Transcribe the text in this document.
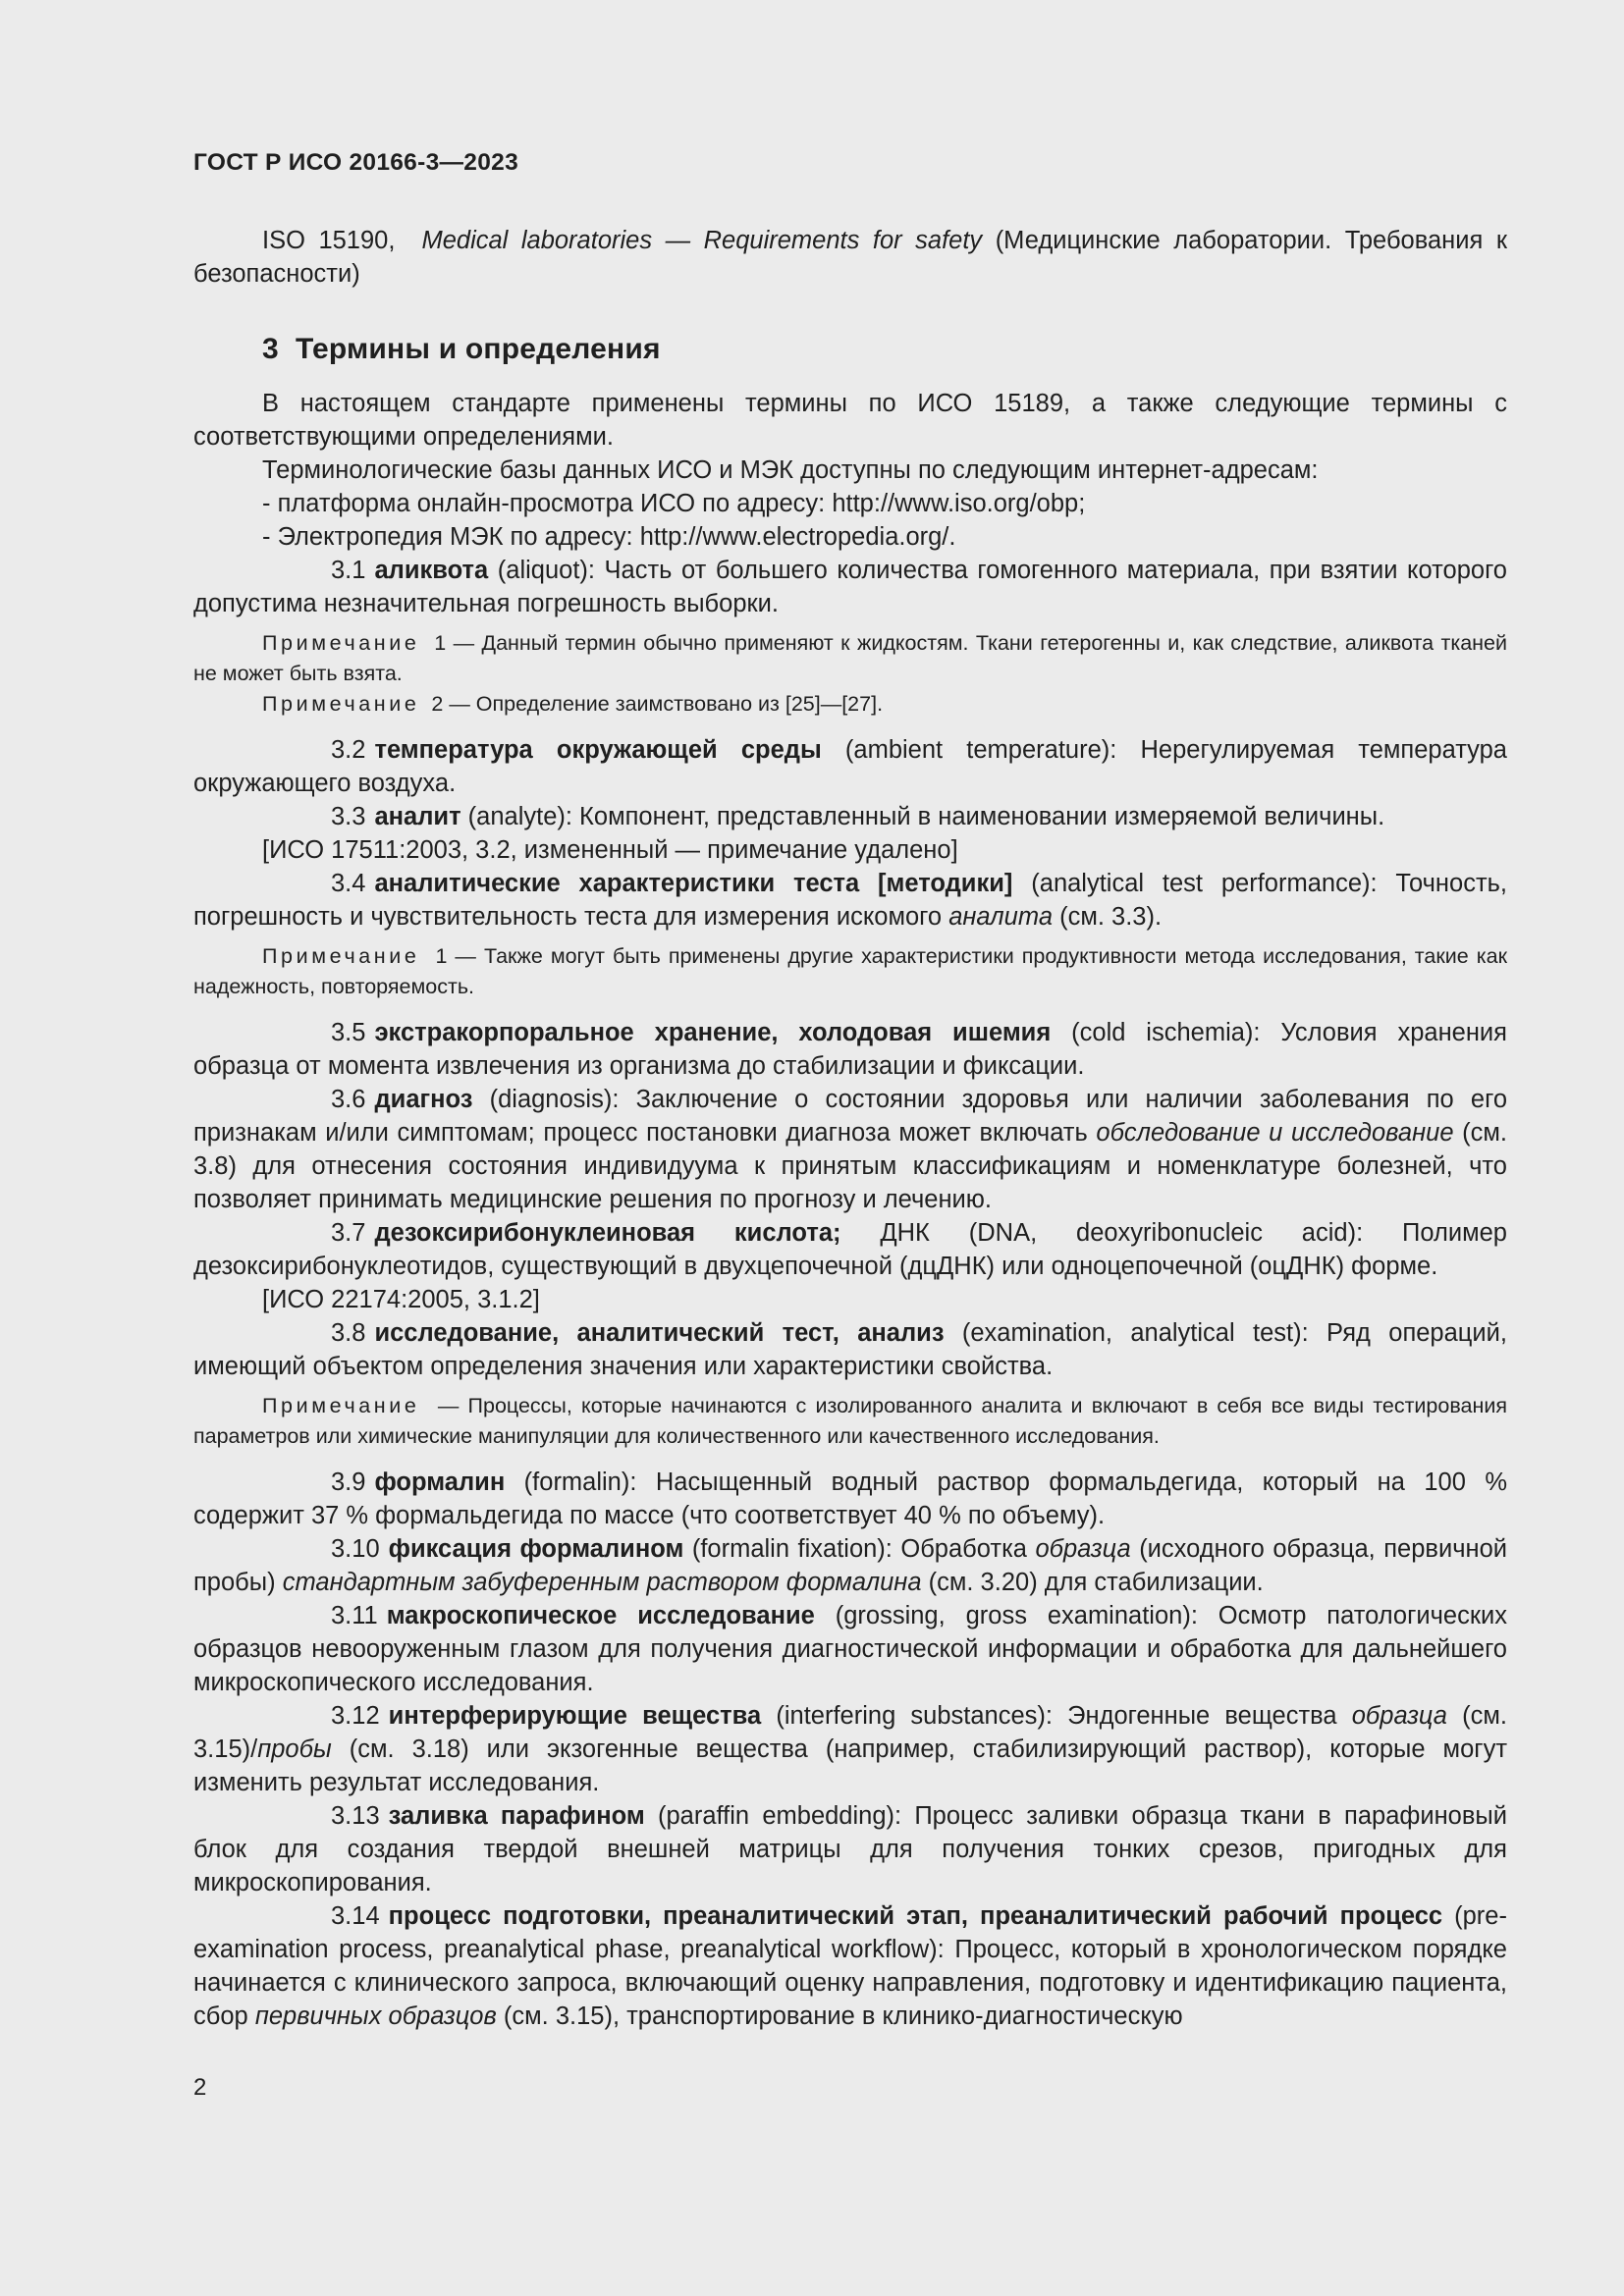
ГОСТ Р ИСО 20166-3—2023

ISO 15190, Medical laboratories — Requirements for safety (Медицинские лаборатории. Требования к безопасности)

3 Термины и определения

В настоящем стандарте применены термины по ИСО 15189, а также следующие термины с соответствующими определениями.

Терминологические базы данных ИСО и МЭК доступны по следующим интернет-адресам:

- платформа онлайн-просмотра ИСО по адресу: http://www.iso.org/obp;

- Электропедия МЭК по адресу: http://www.electropedia.org/.

3.1 аликвота (aliquot): Часть от большего количества гомогенного материала, при взятии которого допустима незначительная погрешность выборки.

Примечание 1 — Данный термин обычно применяют к жидкостям. Ткани гетерогенны и, как следствие, аликвота тканей не может быть взята.

Примечание 2 — Определение заимствовано из [25]—[27].

3.2 температура окружающей среды (ambient temperature): Нерегулируемая температура окружающего воздуха.

3.3 аналит (analyte): Компонент, представленный в наименовании измеряемой величины.

[ИСО 17511:2003, 3.2, измененный — примечание удалено]

3.4 аналитические характеристики теста [методики] (analytical test performance): Точность, погрешность и чувствительность теста для измерения искомого аналита (см. 3.3).

Примечание 1 — Также могут быть применены другие характеристики продуктивности метода исследования, такие как надежность, повторяемость.

3.5 экстракорпоральное хранение, холодовая ишемия (cold ischemia): Условия хранения образца от момента извлечения из организма до стабилизации и фиксации.

3.6 диагноз (diagnosis): Заключение о состоянии здоровья или наличии заболевания по его признакам и/или симптомам; процесс постановки диагноза может включать обследование и исследование (см. 3.8) для отнесения состояния индивидуума к принятым классификациям и номенклатуре болезней, что позволяет принимать медицинские решения по прогнозу и лечению.

3.7 дезоксирибонуклеиновая кислота; ДНК (DNA, deoxyribonucleic acid): Полимер дезоксирибонуклеотидов, существующий в двухцепочечной (дцДНК) или одноцепочечной (оцДНК) форме.

[ИСО 22174:2005, 3.1.2]

3.8 исследование, аналитический тест, анализ (examination, analytical test): Ряд операций, имеющий объектом определения значения или характеристики свойства.

Примечание  — Процессы, которые начинаются с изолированного аналита и включают в себя все виды тестирования параметров или химические манипуляции для количественного или качественного исследования.

3.9 формалин (formalin): Насыщенный водный раствор формальдегида, который на 100 % содержит 37 % формальдегида по массе (что соответствует 40 % по объему).

3.10 фиксация формалином (formalin fixation): Обработка образца (исходного образца, первичной пробы) стандартным забуференным раствором формалина (см. 3.20) для стабилизации.

3.11 макроскопическое исследование (grossing, gross examination): Осмотр патологических образцов невооруженным глазом для получения диагностической информации и обработка для дальнейшего микроскопического исследования.

3.12 интерферирующие вещества (interfering substances): Эндогенные вещества образца (см. 3.15)/пробы (см. 3.18) или экзогенные вещества (например, стабилизирующий раствор), которые могут изменить результат исследования.

3.13 заливка парафином (paraffin embedding): Процесс заливки образца ткани в парафиновый блок для создания твердой внешней матрицы для получения тонких срезов, пригодных для микроскопирования.

3.14 процесс подготовки, преаналитический этап, преаналитический рабочий процесс (pre-examination process, preanalytical phase, preanalytical workflow): Процесс, который в хронологическом порядке начинается с клинического запроса, включающий оценку направления, подготовку и идентификацию пациента, сбор первичных образцов (см. 3.15), транспортирование в клинико-диагностическую

2
